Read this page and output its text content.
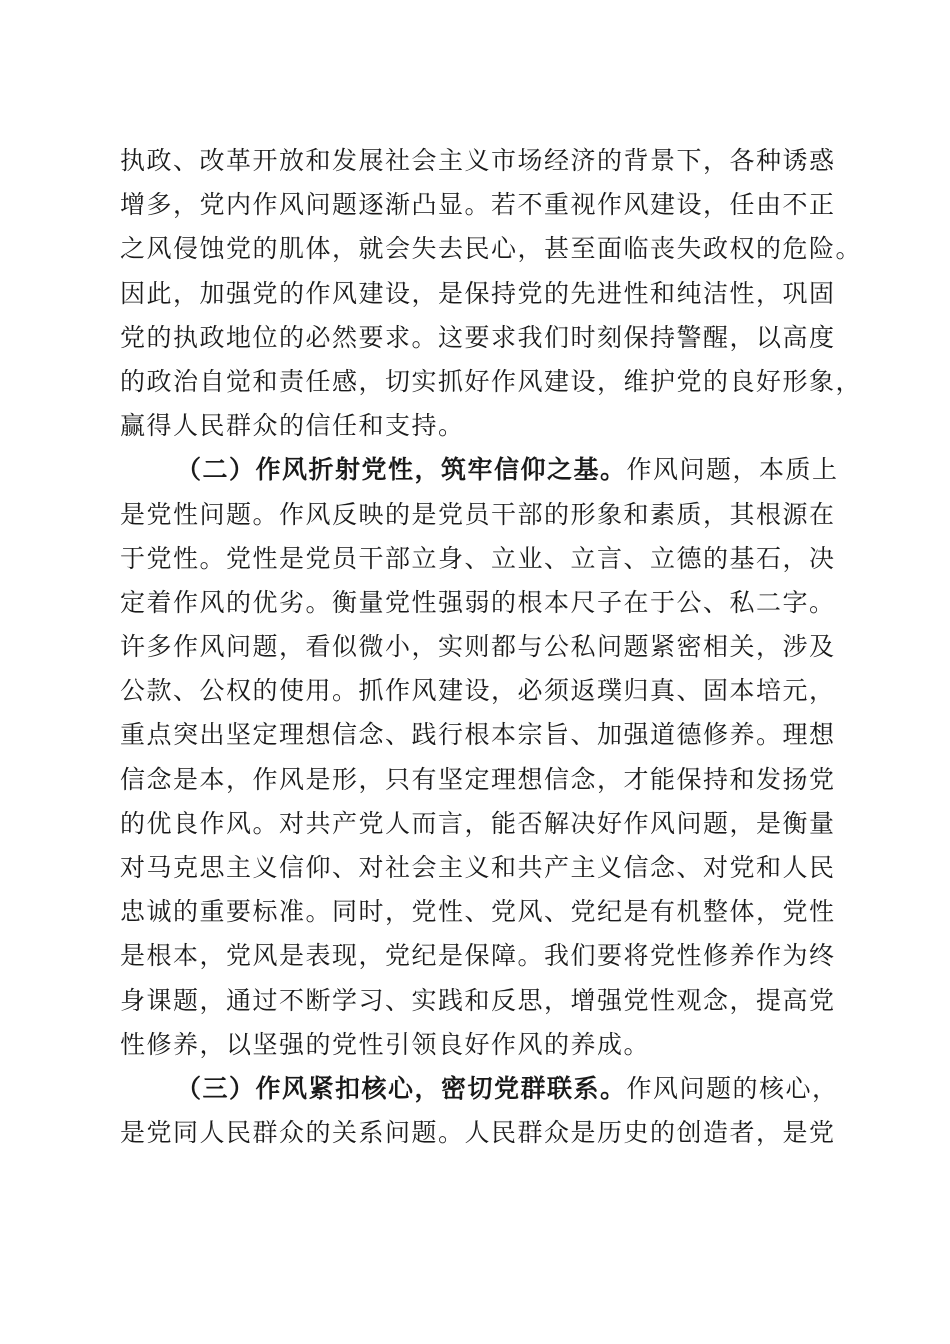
执政、改革开放和发展社会主义市场经济的背景下，各种诱惑
增多，党内作风问题逐渐凸显。若不重视作风建设，任由不正
之风侵蚀党的肌体，就会失去民心，甚至面临丧失政权的危险。
因此，加强党的作风建设，是保持党的先进性和纯洁性，巩固
党的执政地位的必然要求。这要求我们时刻保持警醒，以高度
的政治自觉和责任感，切实抓好作风建设，维护党的良好形象，
赢得人民群众的信任和支持。
（二）作风折射党性，筑牢信仰之基。作风问题，本质上
是党性问题。作风反映的是党员干部的形象和素质，其根源在
于党性。党性是党员干部立身、立业、立言、立德的基石，决
定着作风的优劣。衡量党性强弱的根本尺子在于公、私二字。
许多作风问题，看似微小，实则都与公私问题紧密相关，涉及
公款、公权的使用。抓作风建设，必须返璞归真、固本培元，
重点突出坚定理想信念、践行根本宗旨、加强道德修养。理想
信念是本，作风是形，只有坚定理想信念，才能保持和发扬党
的优良作风。对共产党人而言，能否解决好作风问题，是衡量
对马克思主义信仰、对社会主义和共产主义信念、对党和人民
忠诚的重要标准。同时，党性、党风、党纪是有机整体，党性
是根本，党风是表现，党纪是保障。我们要将党性修养作为终
身课题，通过不断学习、实践和反思，增强党性观念，提高党
性修养，以坚强的党性引领良好作风的养成。
（三）作风紧扣核心，密切党群联系。作风问题的核心，
是党同人民群众的关系问题。人民群众是历史的创造者，是党
